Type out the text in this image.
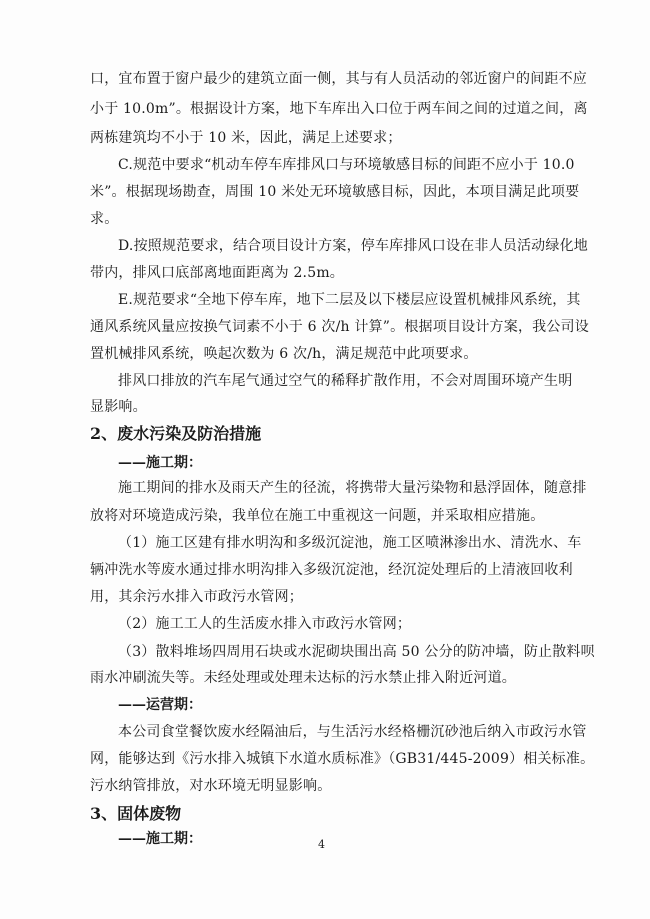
口，宜布置于窗户最少的建筑立面一侧，其与有人员活动的邻近窗户的间距不应
小于 10.0m”。根据设计方案，地下车库出入口位于两车间之间的过道之间，离
两栋建筑均不小于 10 米，因此，满足上述要求；
C.规范中要求“机动车停车库排风口与环境敏感目标的间距不应小于 10.0
米”。根据现场勘查，周围 10 米处无环境敏感目标，因此，本项目满足此项要
求。
D.按照规范要求，结合项目设计方案，停车库排风口设在非人员活动绿化地
带内，排风口底部离地面距离为 2.5m。
E.规范要求“全地下停车库，地下二层及以下楼层应设置机械排风系统，其
通风系统风量应按换气词素不小于 6 次/h 计算”。根据项目设计方案，我公司设
置机械排风系统，唤起次数为 6 次/h，满足规范中此项要求。
排风口排放的汽车尾气通过空气的稀释扩散作用，不会对周围环境产生明
显影响。
2、废水污染及防治措施
——施工期：
施工期间的排水及雨天产生的径流，将携带大量污染物和悬浮固体，随意排
放将对环境造成污染，我单位在施工中重视这一问题，并采取相应措施。
（1）施工区建有排水明沟和多级沉淀池，施工区喷淋渗出水、清洗水、车
辆冲洗水等废水通过排水明沟排入多级沉淀池，经沉淀处理后的上清液回收利
用，其余污水排入市政污水管网；
（2）施工工人的生活废水排入市政污水管网；
（3）散料堆场四周用石块或水泥砌块围出高 50 公分的防冲墙，防止散料呗
雨水冲刷流失等。未经处理或处理未达标的污水禁止排入附近河道。
——运营期：
本公司食堂餐饮废水经隔油后，与生活污水经格栅沉砂池后纳入市政污水管
网，能够达到《污水排入城镇下水道水质标准》（GB31/445-2009）相关标准。
污水纳管排放，对水环境无明显影响。
3、固体废物
——施工期：	4
